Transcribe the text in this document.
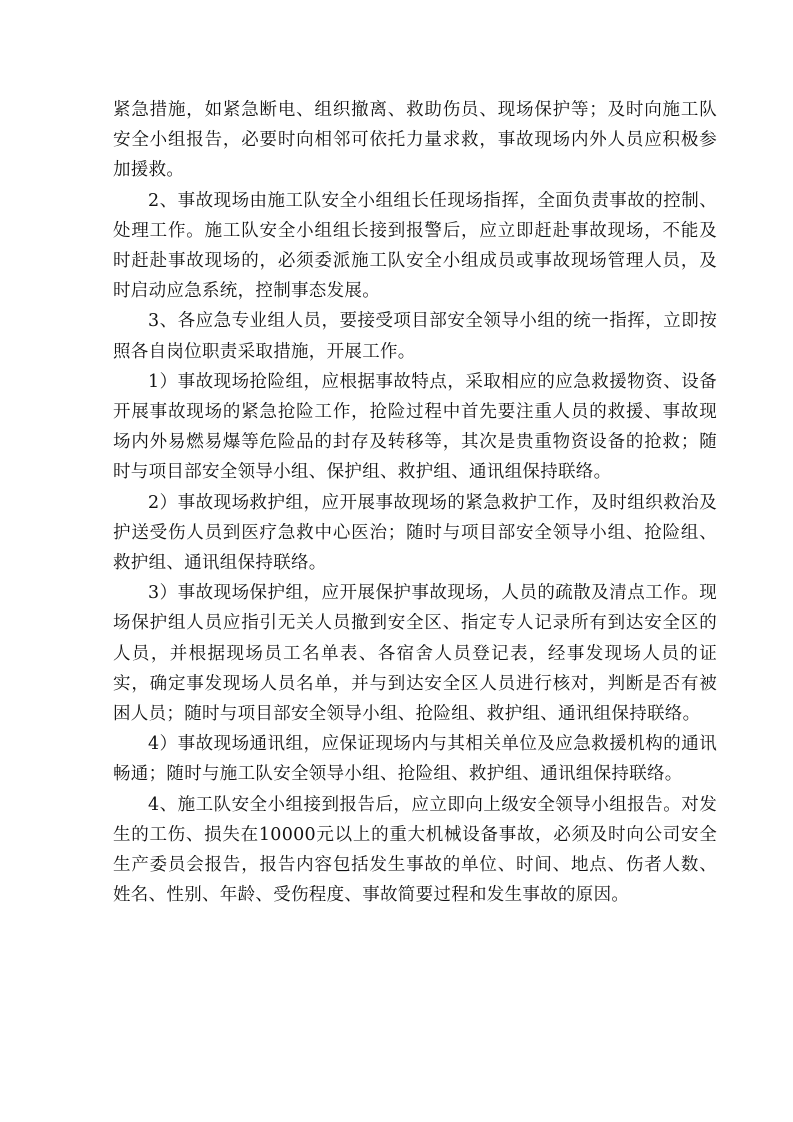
紧急措施，如紧急断电、组织撤离、救助伤员、现场保护等；及时向施工队安全小组报告，必要时向相邻可依托力量求救，事故现场内外人员应积极参加援救。

2、事故现场由施工队安全小组组长任现场指挥，全面负责事故的控制、处理工作。施工队安全小组组长接到报警后，应立即赶赴事故现场，不能及时赶赴事故现场的，必须委派施工队安全小组成员或事故现场管理人员，及时启动应急系统，控制事态发展。

3、各应急专业组人员，要接受项目部安全领导小组的统一指挥，立即按照各自岗位职责采取措施，开展工作。

1）事故现场抢险组，应根据事故特点，采取相应的应急救援物资、设备开展事故现场的紧急抢险工作，抢险过程中首先要注重人员的救援、事故现场内外易燃易爆等危险品的封存及转移等，其次是贵重物资设备的抢救；随时与项目部安全领导小组、保护组、救护组、通讯组保持联络。

2）事故现场救护组，应开展事故现场的紧急救护工作，及时组织救治及护送受伤人员到医疗急救中心医治；随时与项目部安全领导小组、抢险组、救护组、通讯组保持联络。

3）事故现场保护组，应开展保护事故现场，人员的疏散及清点工作。现场保护组人员应指引无关人员撤到安全区、指定专人记录所有到达安全区的人员，并根据现场员工名单表、各宿舍人员登记表，经事发现场人员的证实，确定事发现场人员名单，并与到达安全区人员进行核对，判断是否有被困人员；随时与项目部安全领导小组、抢险组、救护组、通讯组保持联络。

4）事故现场通讯组，应保证现场内与其相关单位及应急救援机构的通讯畅通；随时与施工队安全领导小组、抢险组、救护组、通讯组保持联络。

4、施工队安全小组接到报告后，应立即向上级安全领导小组报告。对发生的工伤、损失在10000元以上的重大机械设备事故，必须及时向公司安全生产委员会报告，报告内容包括发生事故的单位、时间、地点、伤者人数、姓名、性别、年龄、受伤程度、事故简要过程和发生事故的原因。
